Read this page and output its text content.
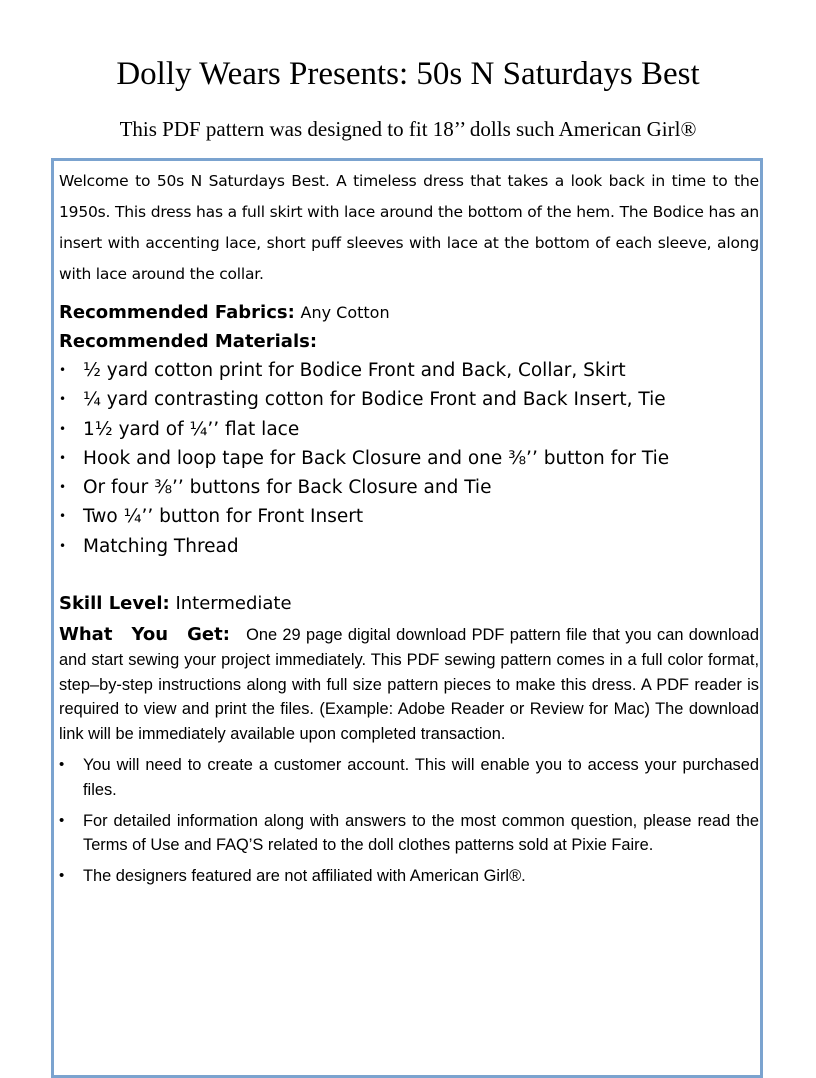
Dolly Wears Presents: 50s N Saturdays Best
This PDF pattern was designed to fit 18’’ dolls such American Girl®

Welcome to 50s N Saturdays Best. A timeless dress that takes a look back in time to the 1950s. This dress has a full skirt with lace around the bottom of the hem. The Bodice has an insert with accenting lace, short puff sleeves with lace at the bottom of each sleeve, along with lace around the collar.

Recommended Fabrics: Any Cotton

Recommended Materials:

• ½ yard cotton print for Bodice Front and Back, Collar, Skirt
• ¼ yard contrasting cotton for Bodice Front and Back Insert, Tie
• 1½ yard of ¼’’ flat lace
• Hook and loop tape for Back Closure and one ⅜’’ button for Tie
• Or four ⅜’’ buttons for Back Closure and Tie
• Two ¼’’ button for Front Insert
• Matching Thread

Skill Level: Intermediate

What You Get: One 29 page digital download PDF pattern file that you can download and start sewing your project immediately. This PDF sewing pattern comes in a full color format, step–by-step instructions along with full size pattern pieces to make this dress. A PDF reader is required to view and print the files. (Example: Adobe Reader or Review for Mac) The download link will be immediately available upon completed transaction.

• You will need to create a customer account. This will enable you to access your purchased files.
• For detailed information along with answers to the most common question, please read the Terms of Use and FAQ’S related to the doll clothes patterns sold at Pixie Faire.
• The designers featured are not affiliated with American Girl®.
